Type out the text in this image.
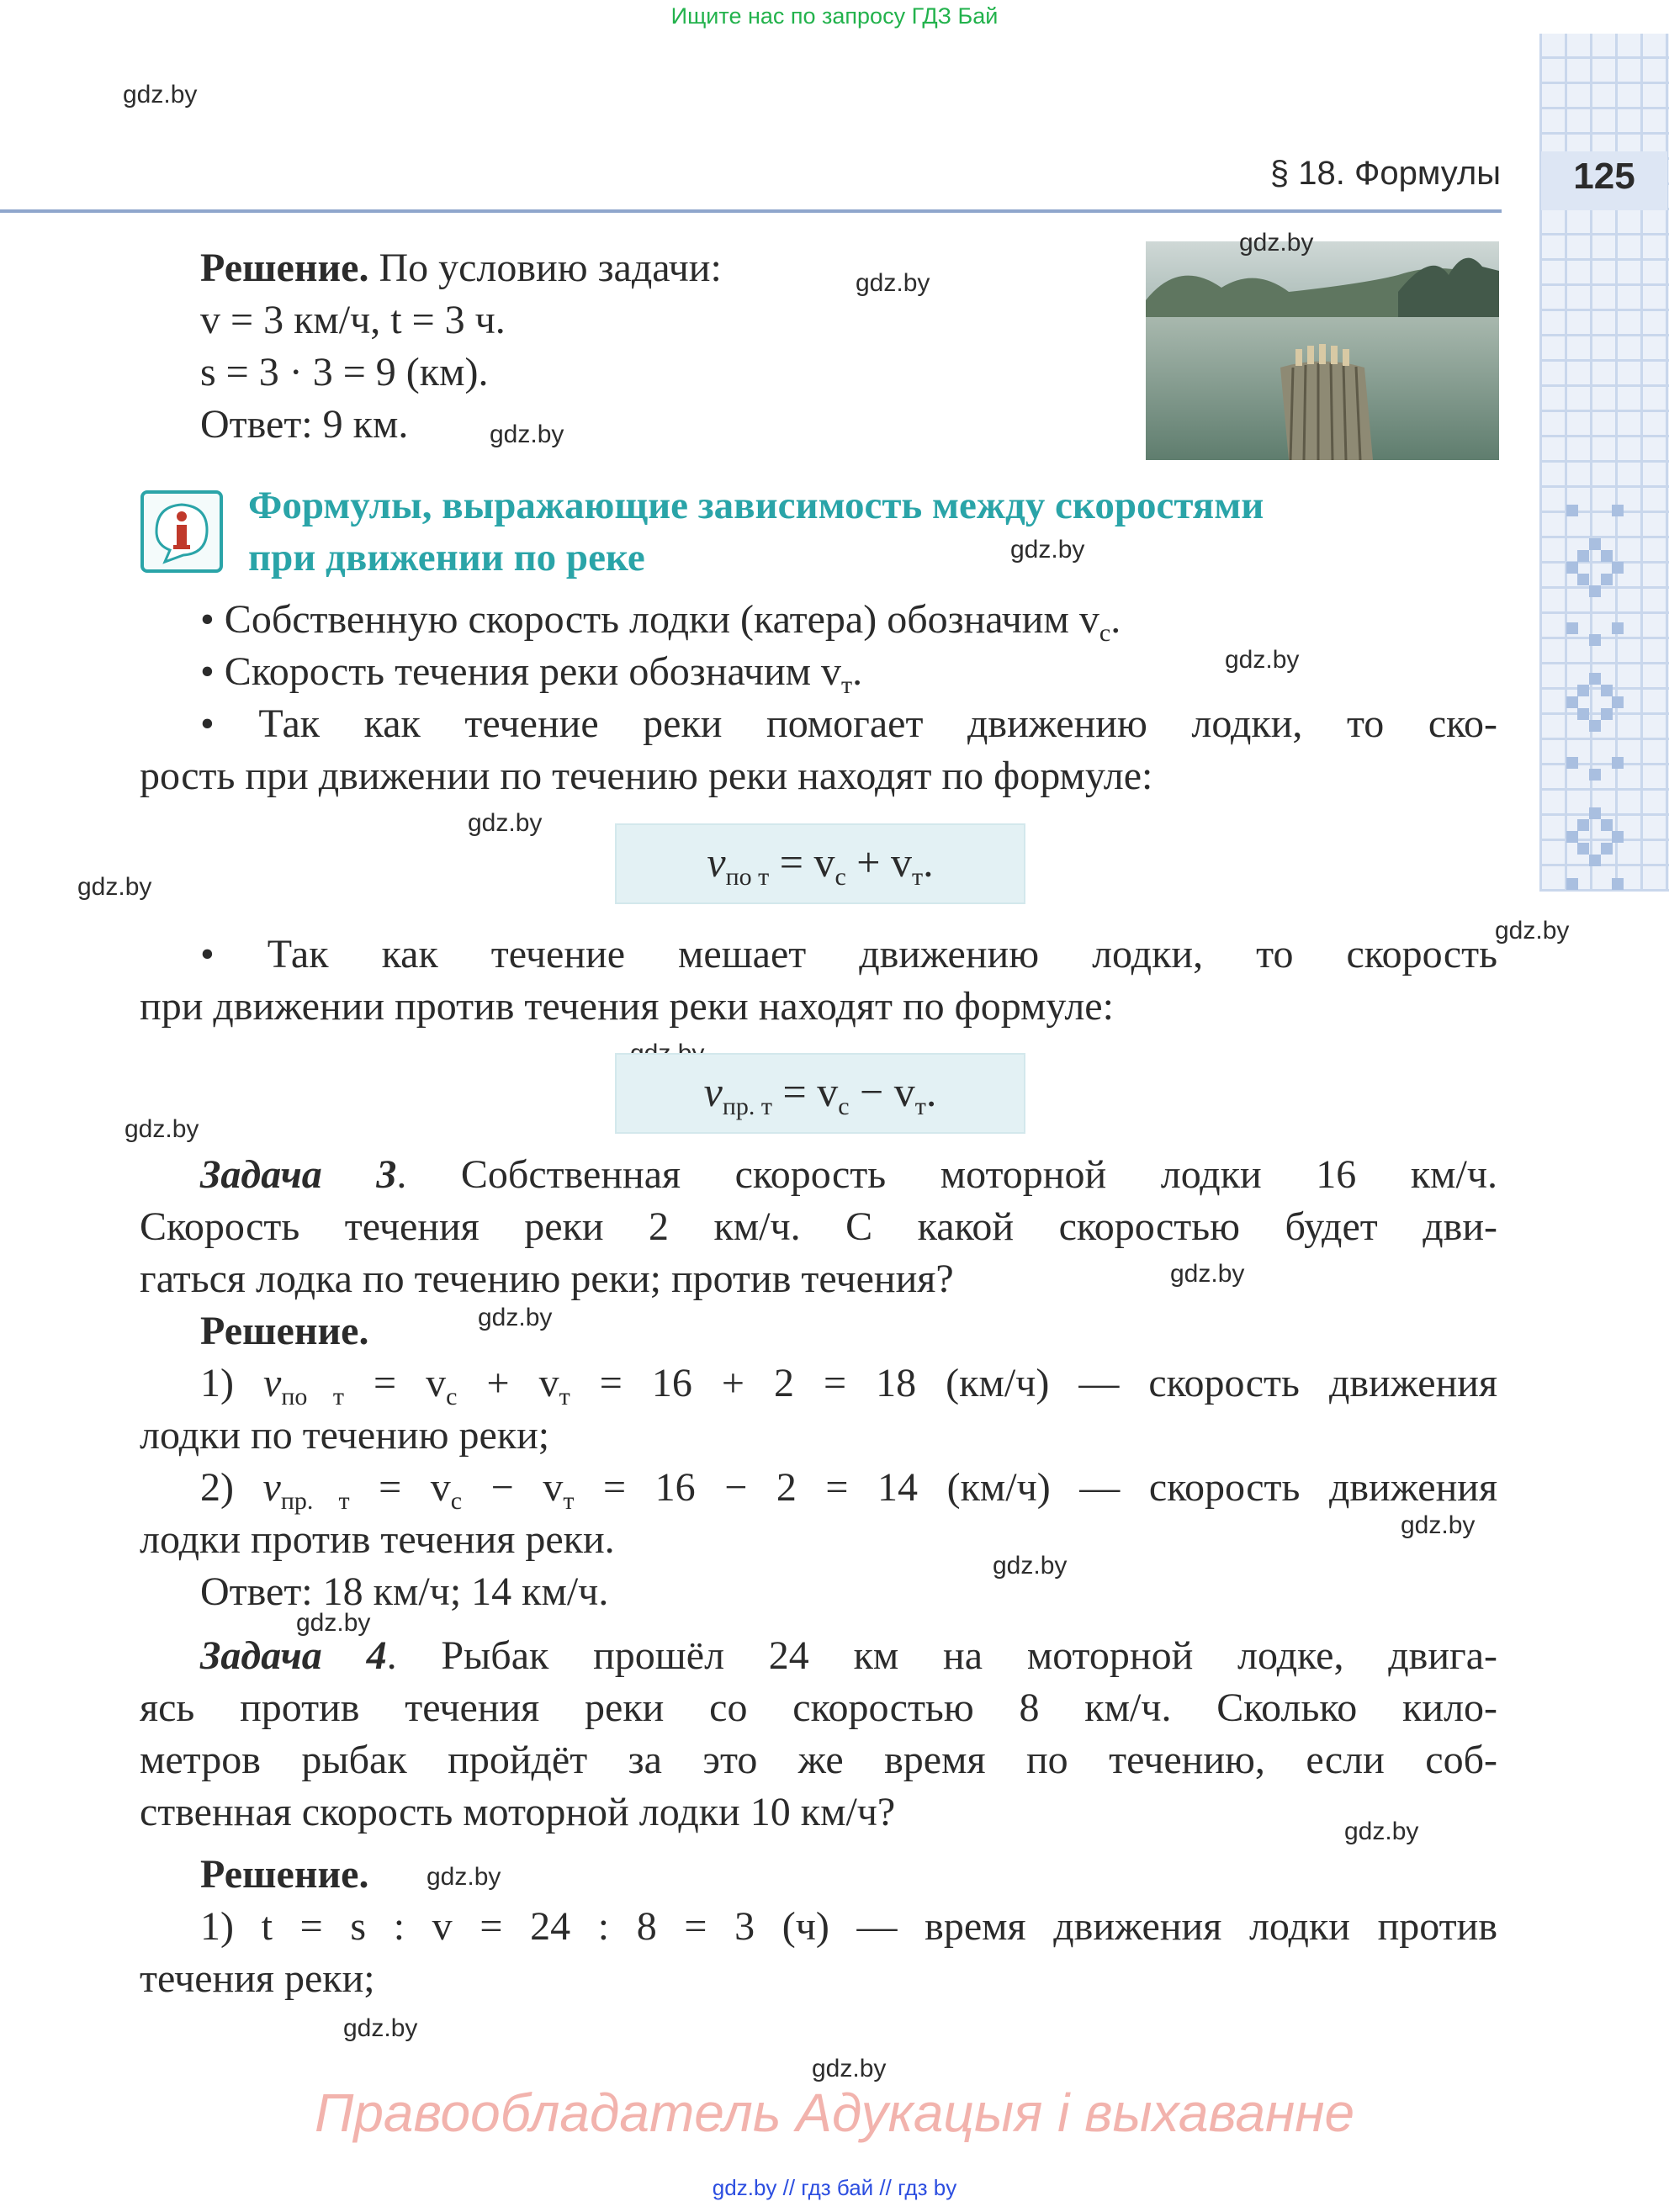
Ищите нас по запросу ГДЗ Бай
§ 18. Формулы	125
gdz.by
gdz.by
gdz.by
gdz.by
gdz.by
gdz.by
gdz.by
gdz.by
gdz.by
gdz.by
gdz.by
gdz.by
gdz.by
gdz.by
gdz.by
gdz.by
gdz.by
gdz.by
gdz.by
Решение. По условию задачи:
v = 3 км/ч, t = 3 ч.
s = 3 · 3 = 9 (км).
Ответ: 9 км.
Формулы, выражающие зависимость между скоростями
при движении по реке
• Собственную скорость лодки (катера) обозначим $v_с$.
• Скорость течения реки обозначим $v_т$.
• Так как течение реки помогает движению лодки, то ско-
рость при движении по течению реки находят по формуле:
$v_{по т} = v_с + v_т$.
• Так как течение мешает движению лодки, то скорость
при движении против течения реки находят по формуле:
$v_{пр. т} = v_с - v_т$.
Задача 3. Собственная скорость моторной лодки 16 км/ч.
Скорость течения реки 2 км/ч. С какой скоростью будет дви-
гаться лодка по течению реки; против течения?
Решение.
1) $v_{по т} = v_с + v_т = 16 + 2 = 18$ (км/ч) — скорость движения
лодки по течению реки;
2) $v_{пр. т} = v_с - v_т = 16 - 2 = 14$ (км/ч) — скорость движения
лодки против течения реки.
Ответ: 18 км/ч; 14 км/ч.
Задача 4. Рыбак прошёл 24 км на моторной лодке, двига-
ясь против течения реки со скоростью 8 км/ч. Сколько кило-
метров рыбак пройдёт за это же время по течению, если соб-
ственная скорость моторной лодки 10 км/ч?
Решение.
1) t = s : v = 24 : 8 = 3 (ч) — время движения лодки против
течения реки;
Правообладатель Адукацыя і выхаванне
gdz.by // гдз бай // гдз by
